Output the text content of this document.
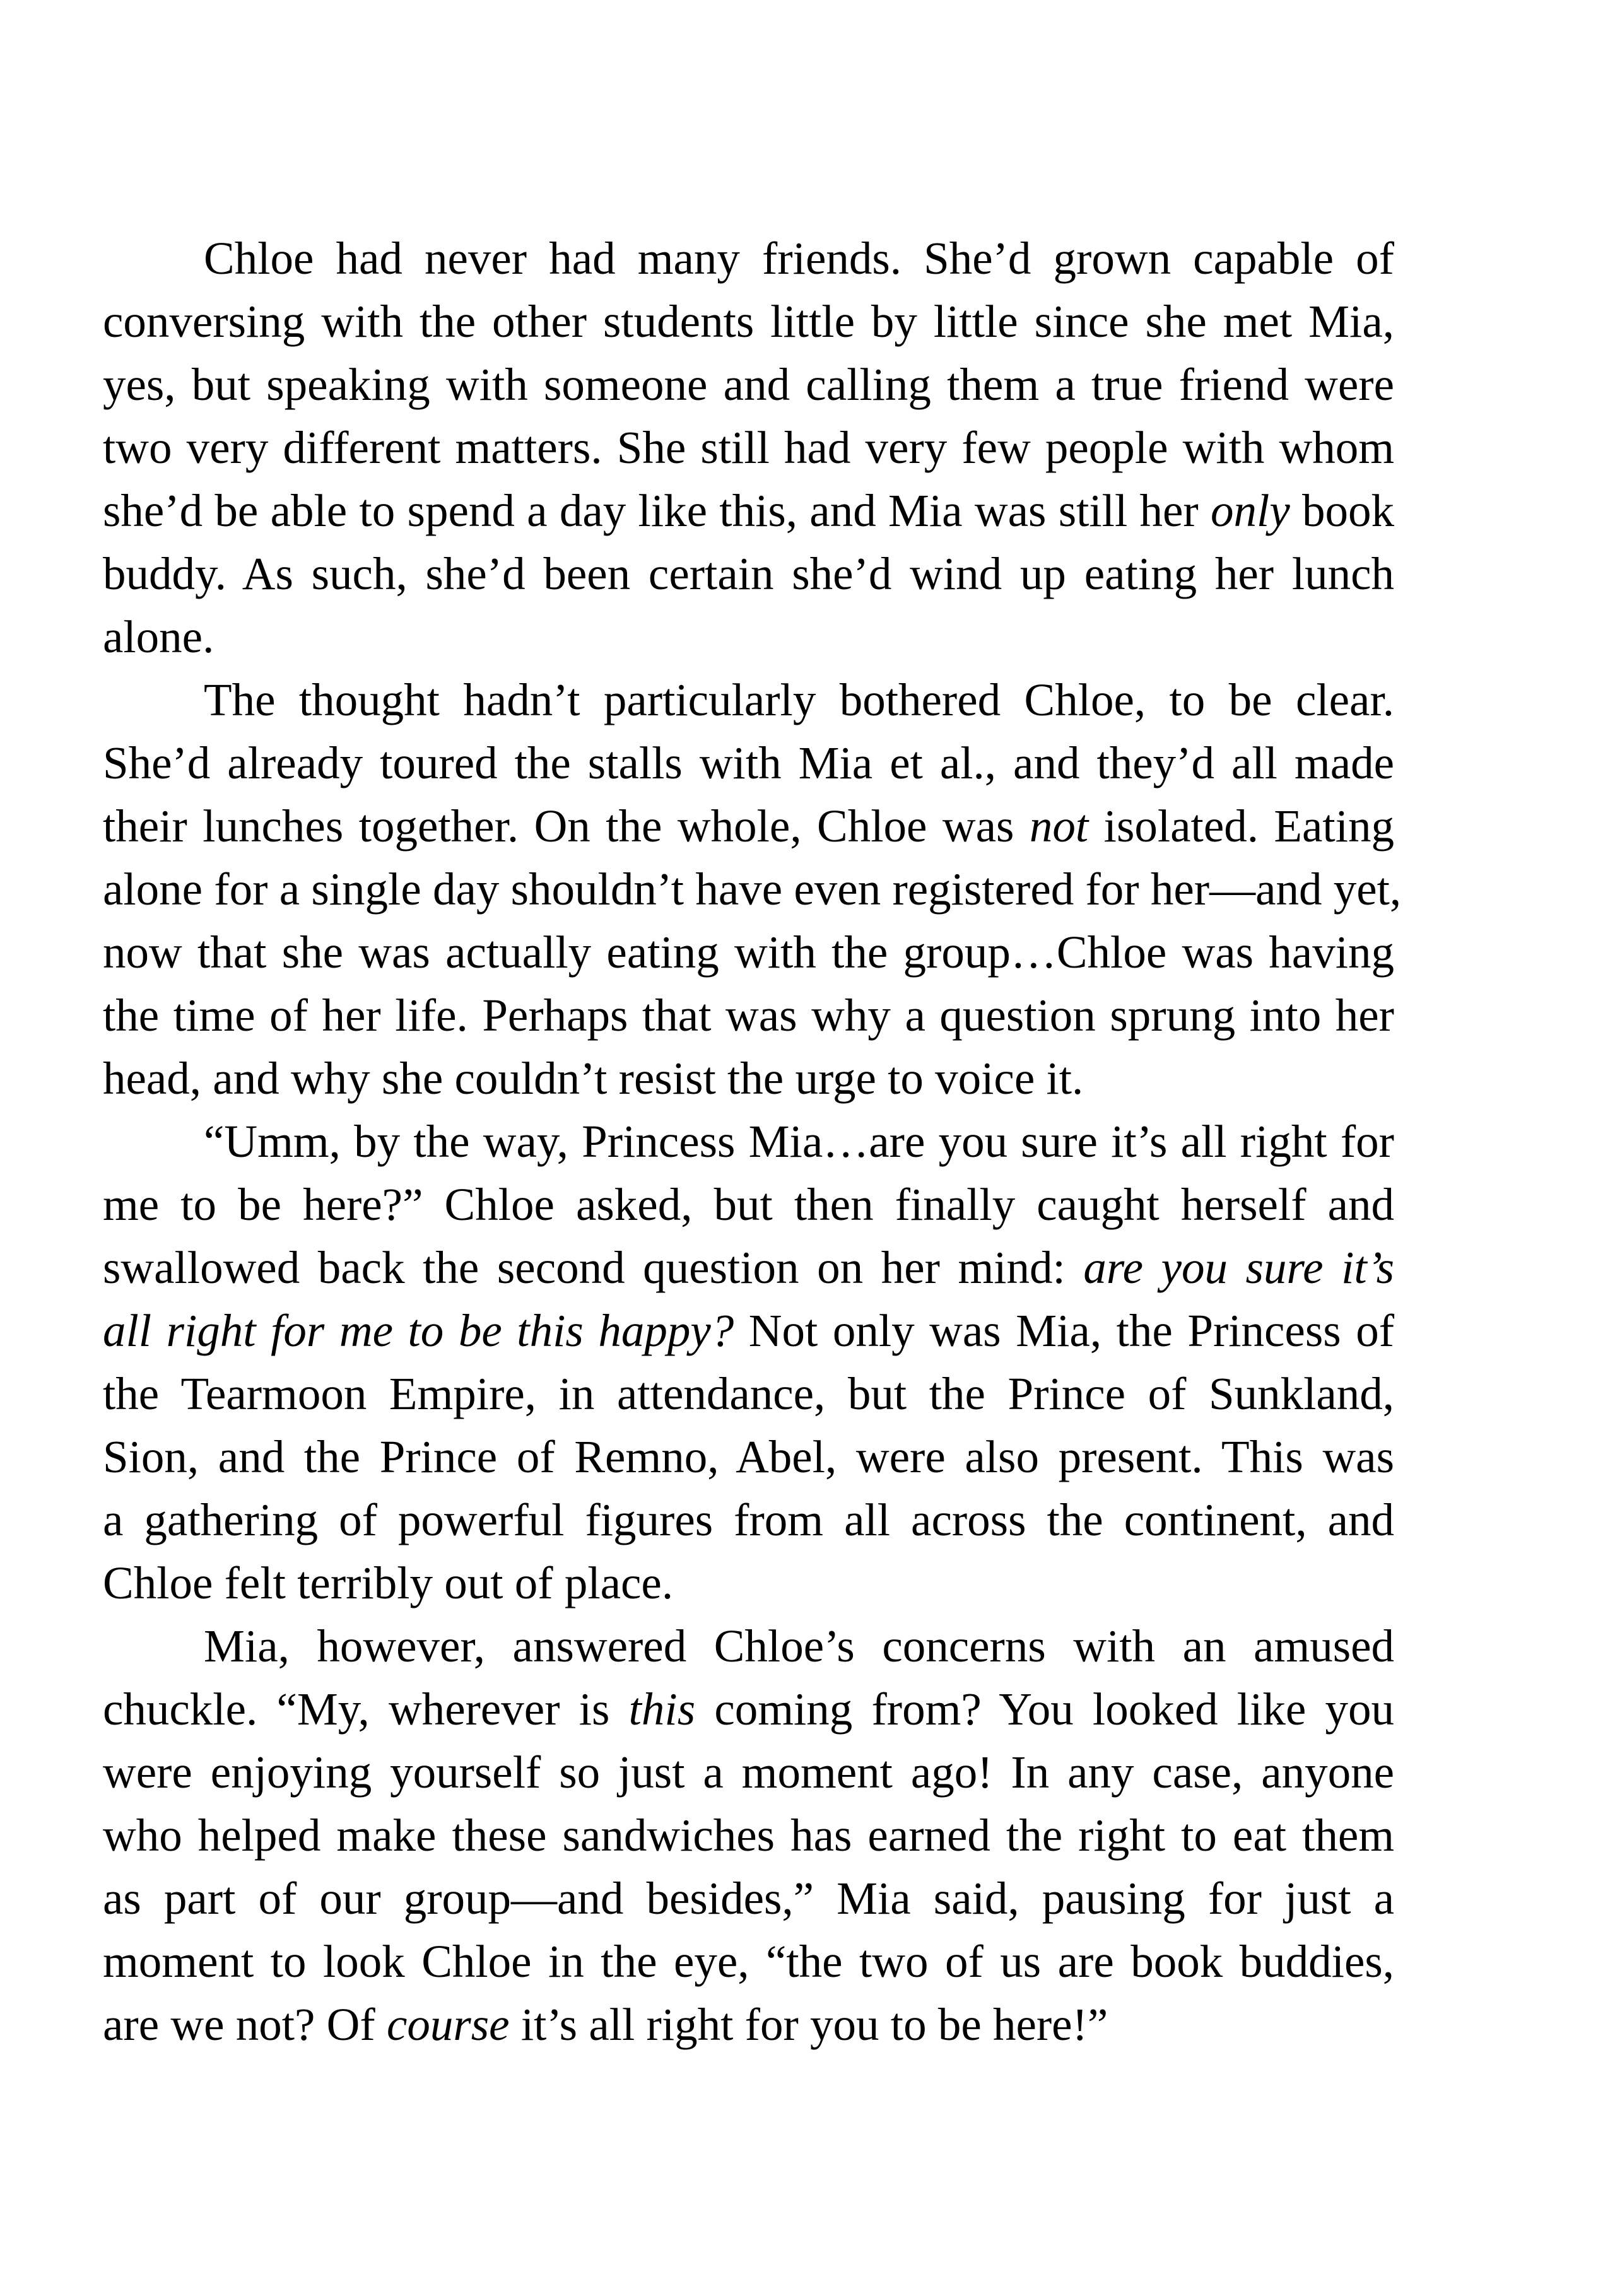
Chloe had never had many friends. She’d grown capable of
conversing with the other students little by little since she met Mia,
yes, but speaking with someone and calling them a true friend were
two very different matters. She still had very few people with whom
she’d be able to spend a day like this, and Mia was still her only book
buddy. As such, she’d been certain she’d wind up eating her lunch
alone.
The thought hadn’t particularly bothered Chloe, to be clear.
She’d already toured the stalls with Mia et al., and they’d all made
their lunches together. On the whole, Chloe was not isolated. Eating
alone for a single day shouldn’t have even registered for her—and yet,
now that she was actually eating with the group…Chloe was having
the time of her life. Perhaps that was why a question sprung into her
head, and why she couldn’t resist the urge to voice it.
“Umm, by the way, Princess Mia…are you sure it’s all right for
me to be here?” Chloe asked, but then finally caught herself and
swallowed back the second question on her mind: are you sure it’s
all right for me to be this happy? Not only was Mia, the Princess of
the Tearmoon Empire, in attendance, but the Prince of Sunkland,
Sion, and the Prince of Remno, Abel, were also present. This was
a gathering of powerful figures from all across the continent, and
Chloe felt terribly out of place.
Mia, however, answered Chloe’s concerns with an amused
chuckle. “My, wherever is this coming from? You looked like you
were enjoying yourself so just a moment ago! In any case, anyone
who helped make these sandwiches has earned the right to eat them
as part of our group—and besides,” Mia said, pausing for just a
moment to look Chloe in the eye, “the two of us are book buddies,
are we not? Of course it’s all right for you to be here!”
